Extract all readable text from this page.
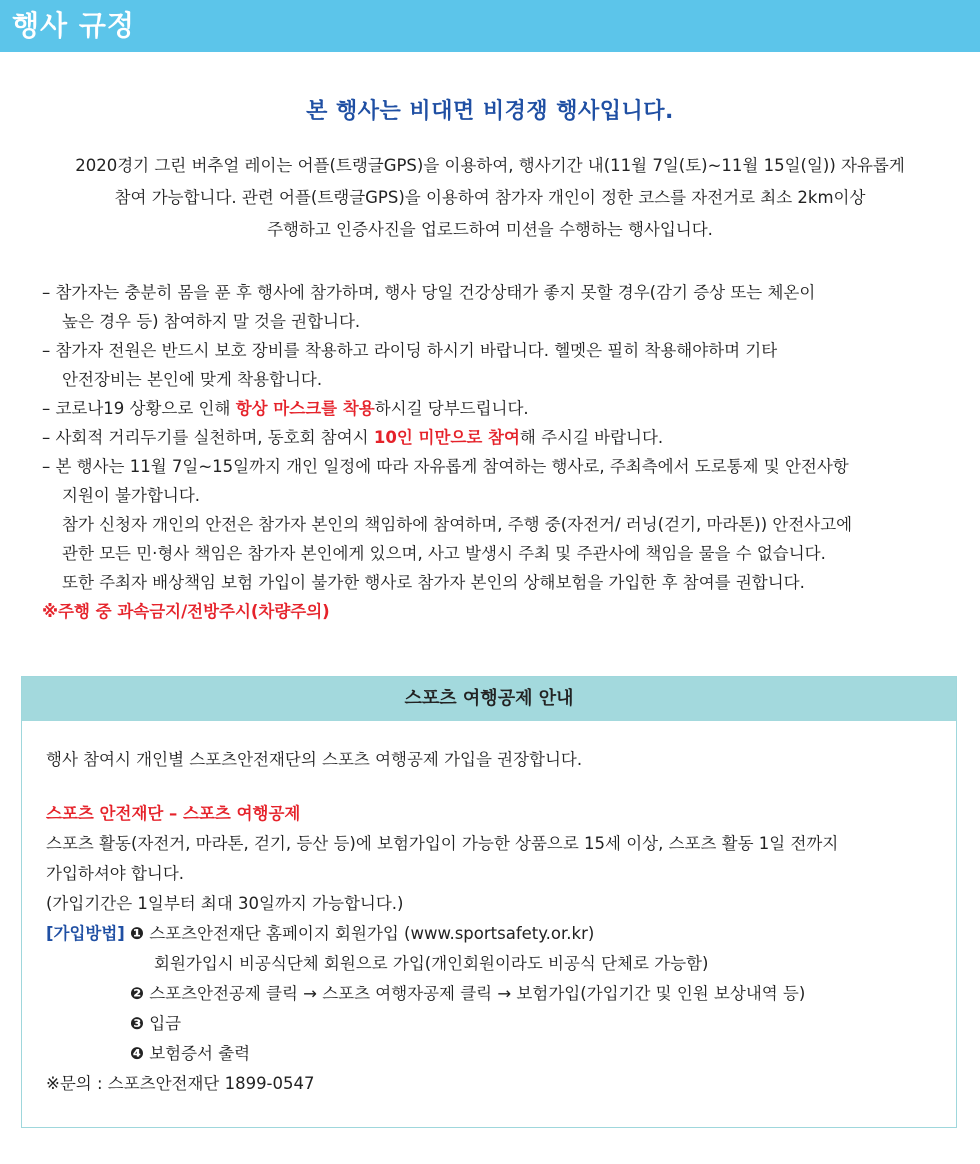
행사 규정
본 행사는 비대면 비경쟁 행사입니다.
2020경기 그린 버추얼 레이는 어플(트랭글GPS)을 이용하여, 행사기간 내(11월 7일(토)~11월 15일(일)) 자유롭게
참여 가능합니다. 관련 어플(트랭글GPS)을 이용하여 참가자 개인이 정한 코스를 자전거로 최소 2km이상
주행하고 인증사진을 업로드하여 미션을 수행하는 행사입니다.
– 참가자는 충분히 몸을 푼 후 행사에 참가하며, 행사 당일 건강상태가 좋지 못할 경우(감기 증상 또는 체온이
높은 경우 등) 참여하지 말 것을 권합니다.
– 참가자 전원은 반드시 보호 장비를 착용하고 라이딩 하시기 바랍니다. 헬멧은 필히 착용해야하며 기타
안전장비는 본인에 맞게 착용합니다.
– 코로나19 상황으로 인해 항상 마스크를 착용하시길 당부드립니다.
– 사회적 거리두기를 실천하며, 동호회 참여시 10인 미만으로 참여해 주시길 바랍니다.
– 본 행사는 11월 7일~15일까지 개인 일정에 따라 자유롭게 참여하는 행사로, 주최측에서 도로통제 및 안전사항
지원이 불가합니다.
참가 신청자 개인의 안전은 참가자 본인의 책임하에 참여하며, 주행 중(자전거/ 러닝(걷기, 마라톤)) 안전사고에
관한 모든 민·형사 책임은 참가자 본인에게 있으며, 사고 발생시 주최 및 주관사에 책임을 물을 수 없습니다.
또한 주최자 배상책임 보험 가입이 불가한 행사로 참가자 본인의 상해보험을 가입한 후 참여를 권합니다.
※주행 중 과속금지/전방주시(차량주의)
스포츠 여행공제 안내
행사 참여시 개인별 스포츠안전재단의 스포츠 여행공제 가입을 권장합니다.
스포츠 안전재단 – 스포츠 여행공제
스포츠 활동(자전거, 마라톤, 걷기, 등산 등)에 보험가입이 가능한 상품으로 15세 이상, 스포츠 활동 1일 전까지
가입하셔야 합니다.
(가입기간은 1일부터 최대 30일까지 가능합니다.)
[가입방법] ❶ 스포츠안전재단 홈페이지 회원가입 (www.sportsafety.or.kr)
회원가입시 비공식단체 회원으로 가입(개인회원이라도 비공식 단체로 가능함)
❷ 스포츠안전공제 클릭 → 스포츠 여행자공제 클릭 → 보험가입(가입기간 및 인원 보상내역 등)
❸ 입금
❹ 보험증서 출력
※문의 : 스포츠안전재단 1899-0547
